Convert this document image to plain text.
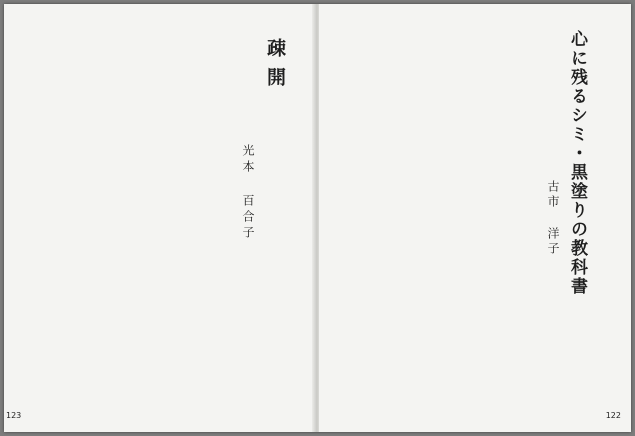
疎開
光本 百合子
123
心に残るシミ・黒塗りの教科書
古市 洋子
122
